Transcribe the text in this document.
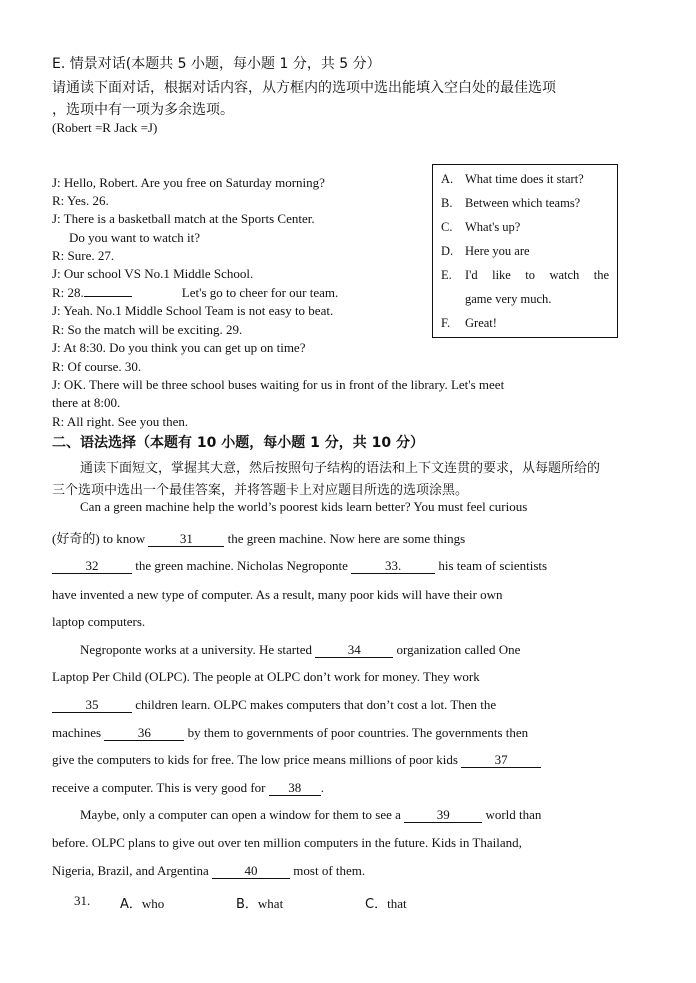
E. 情景对话(本题共 5 小题，每小题 1 分，共 5 分）
请通读下面对话，根据对话内容，从方框内的选项中选出能填入空白处的最佳选项
，选项中有一项为多余选项。
(Robert =R Jack =J)
J: Hello, Robert. Are you free on Saturday morning?
R: Yes. 26.
J: There is a basketball match at the Sports Center.
Do you want to watch it?
R: Sure. 27.
J: Our school VS No.1 Middle School.
R: 28.	Let's go to cheer for our team.
J: Yeah. No.1 Middle School Team is not easy to beat.
R: So the match will be exciting. 29.
J: At 8:30. Do you think you can get up on time?
R: Of course. 30.
J: OK. There will be three school buses waiting for us in front of the library. Let's meet
there at 8:00.
R: All right. See you then.
A. What time does it start?
B. Between which teams?
C. What's up?
D. Here you are
E. I'd like to watch the
game very much.
F. Great!
二、语法选择（本题有 10 小题，每小题 1 分，共 10 分）
通读下面短文，掌握其大意，然后按照句子结构的语法和上下文连贯的要求，从每题所给的
三个选项中选出一个最佳答案，并将答题卡上对应题目所选的选项涂黑。
Can a green machine help the world’s poorest kids learn better? You must feel curious
(好奇的) to know 31 the green machine. Now here are some things
32	the green machine. Nicholas Negroponte	33.	his team of scientists
have invented a new type of computer. As a result, many poor kids will have their own
laptop computers.
Negroponte works at a university. He started	34	organization called One
Laptop Per Child (OLPC). The people at OLPC don’t work for money. They work
35	children learn. OLPC makes computers that don’t cost a lot. Then the
machines	36	by them to governments of poor countries. The governments then
give the computers to kids for free. The low price means millions of poor kids	37
receive a computer. This is very good for 38 .
Maybe, only a computer can open a window for them to see a	39	world than
before. OLPC plans to give out over ten million computers in the future. Kids in Thailand,
Nigeria, Brazil, and Argentina	40	most of them.
31. A．who	B．what	C．that
